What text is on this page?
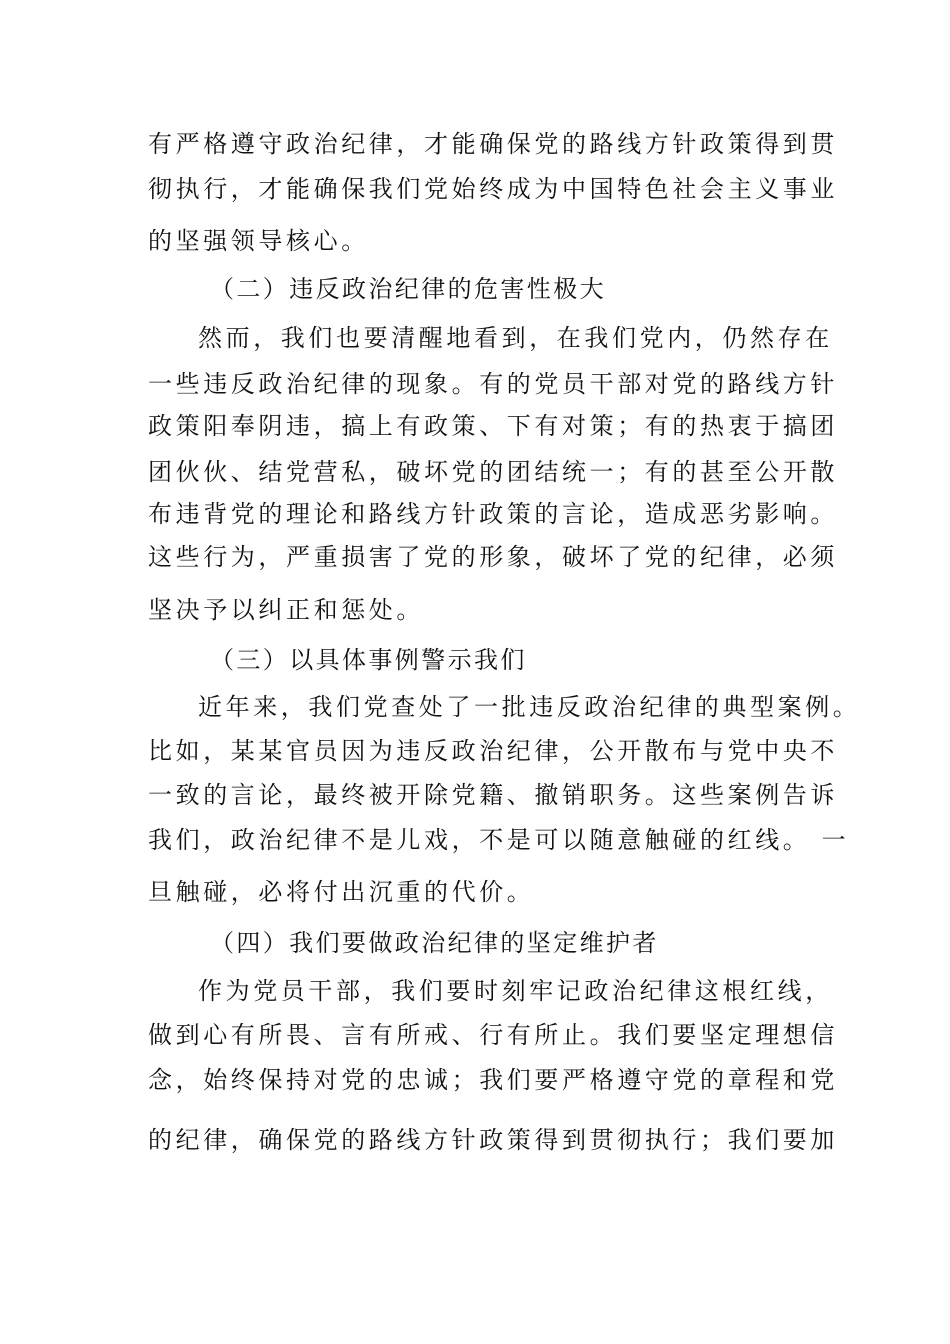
有严格遵守政治纪律，才能确保党的路线方针政策得到贯
彻执行，才能确保我们党始终成为中国特色社会主义事业
的坚强领导核心。
（二）违反政治纪律的危害性极大
然而，我们也要清醒地看到，在我们党内，仍然存在
一些违反政治纪律的现象。有的党员干部对党的路线方针
政策阳奉阴违，搞上有政策、下有对策；有的热衷于搞团
团伙伙、结党营私，破坏党的团结统一；有的甚至公开散
布违背党的理论和路线方针政策的言论，造成恶劣影响。
这些行为，严重损害了党的形象，破坏了党的纪律，必须
坚决予以纠正和惩处。
（三）以具体事例警示我们
近年来，我们党查处了一批违反政治纪律的典型案例。
比如，某某官员因为违反政治纪律，公开散布与党中央不
一致的言论，最终被开除党籍、撤销职务。这些案例告诉
我们，政治纪律不是儿戏，不是可以随意触碰的红线。 一
旦触碰，必将付出沉重的代价。
（四）我们要做政治纪律的坚定维护者
作为党员干部，我们要时刻牢记政治纪律这根红线，
做到心有所畏、言有所戒、行有所止。我们要坚定理想信
念，始终保持对党的忠诚；我们要严格遵守党的章程和党
的纪律，确保党的路线方针政策得到贯彻执行；我们要加
